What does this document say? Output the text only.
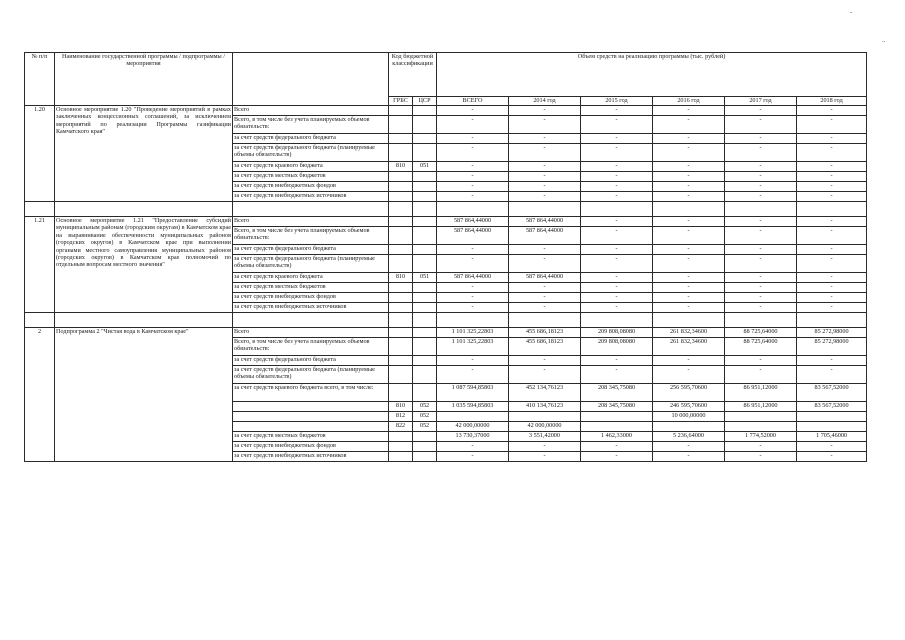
-
..
№ п/п	Наименование государственной программы / подпрограммы / мероприятия		Код бюджетной классификации		Объем средств на реализацию программы (тыс. рублей)					
			ГРБС	ЦСР	ВСЕГО	2014 год	2015 год	2016 год	2017 год	2018 год
1.20	Основное мероприятие 1.20 "Проведение мероприятий в рамках заключенных концессионных соглашений, за исключением мероприятий по реализации Программы газификации Камчатского края"	Всего			-	-	-	-	-	-
		Всего, в том числе без учета планируемых объемов обязательств:			-	-	-	-	-	-
		за счет средств федерального бюджета			-	-	-	-	-	-
		за счет средств федерального бюджета (планируемые объемы обязательств)			-	-	-	-	-	-
		за счет средств краевого бюджета	810	051	-	-	-	-	-	-
		за счет средств местных бюджетов			-	-	-	-	-	-
		за счет средств внебюджетных фондов			-	-	-	-	-	-
		за счет средств внебюджетных источников			-	-	-	-	-	-

1.21	Основное мероприятие 1.21 "Предоставление субсидий муниципальным районам (городским округам) в Камчатском крае на выравнивание обеспеченности муниципальных районов (городских округов) в Камчатском крае при выполнении органами местного самоуправления муниципальных районов (городских округов) в Камчатском крае полномочий по отдельным вопросам местного значения"	Всего			587 864,44000	587 864,44000	-	-	-	-
		Всего, в том числе без учета планируемых объемов обязательств:			587 864,44000	587 864,44000	-	-	-	-
		за счет средств федерального бюджета			-	-	-	-	-	-
		за счет средств федерального бюджета (планируемые объемы обязательств)			-	-	-	-	-	-
		за счет средств краевого бюджета	810	051	587 864,44000	587 864,44000	-	-	-	-
		за счет средств местных бюджетов			-	-	-	-	-	-
		за счет средств внебюджетных фондов			-	-	-	-	-	-
		за счет средств внебюджетных источников			-	-	-	-	-	-

2	Подпрограмма 2 "Чистая вода в Камчатском крае"	Всего			1 101 325,22803	455 686,18123	209 808,08080	261 832,34600	88 725,64000	85 272,98000
		Всего, в том числе без учета планируемых объемов обязательств:			1 101 325,22803	455 686,18123	209 808,08080	261 832,34600	88 725,64000	85 272,98000
		за счет средств федерального бюджета			-	-	-	-	-	-
		за счет средств федерального бюджета (планируемые объемы обязательств)			-	-	-	-	-	-
		за счет средств краевого бюджета всего, в том числе:			1 087 594,85803	452 134,76123	208 345,75080	256 595,70600	86 951,12000	83 567,52000
			810	052	1 035 594,85803	410 134,76123	208 345,75080	246 595,70600	86 951,12000	83 567,52000
			812	052				10 000,00000		
			822	052	42 000,00000	42 000,00000				
		за счет средств местных бюджетов			13 730,37000	3 551,42000	1 462,33000	5 236,64000	1 774,52000	1 705,46000
		за счет средств внебюджетных фондов			-	-	-	-	-	-
		за счет средств внебюджетных источников			-	-	-	-	-	-
